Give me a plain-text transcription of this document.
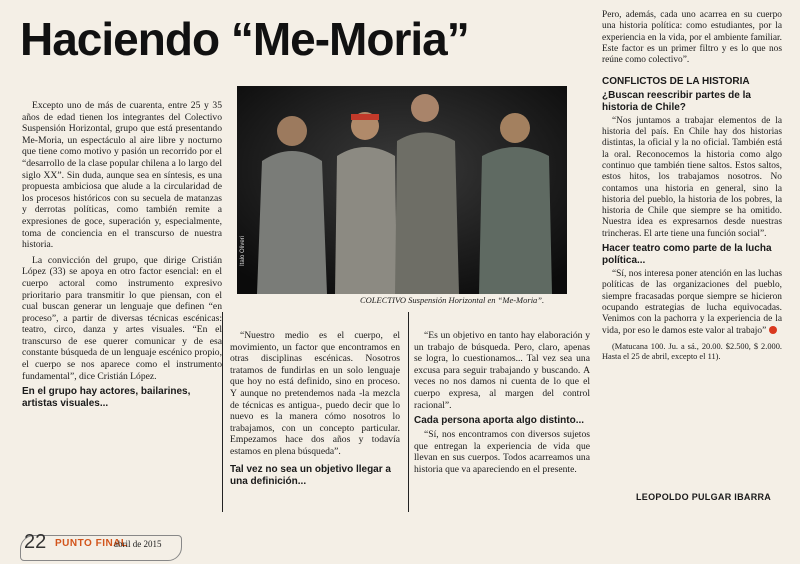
Haciendo “Me-Moria”

Excepto uno de más de cuarenta, entre 25 y 35 años de edad tienen los integrantes del Colectivo Suspensión Horizontal, grupo que está presentando Me-Moria, un espectáculo al aire libre y nocturno que tiene como motivo y pasión un recorrido por el “desarrollo de la clase popular chilena a lo largo del siglo XX”. Sin duda, aunque sea en síntesis, es una propuesta ambiciosa que alude a la circularidad de los procesos históricos con su secuela de matanzas y derrotas políticas, como también remite a expresiones de goce, superación y, especialmente, toma de conciencia en el transcurso de nuestra historia.

La convicción del grupo, que dirige Cristián López (33) se apoya en otro factor esencial: en el cuerpo actoral como instrumento expresivo prioritario para transmitir lo que piensan, con el cual buscan generar un lenguaje que definen “en proceso”, a partir de diversas técnicas escénicas: teatro, circo, danza y artes visuales. “En el transcurso de ese querer comunicar y de esa constante búsqueda de un lenguaje escénico propio, el cuerpo se nos aparece como el instrumento fundamental”, dice Cristián López.

En el grupo hay actores, bailarines, artistas visuales...
Italo Oliveri
COLECTIVO Suspensión Horizontal en “Me-Moria”.

“Nuestro medio es el cuerpo, el movimiento, un factor que encontramos en otras disciplinas escénicas. Nosotros tratamos de fundirlas en un solo lenguaje que hoy no está definido, sino en proceso. Y aunque no pretendemos nada -la mezcla de técnicas es antigua-, puedo decir que lo nuevo es la manera cómo nosotros lo trabajamos, con un concepto particular. Empezamos hace dos años y todavía estamos en plena búsqueda”.

Tal vez no sea un objetivo llegar a una definición...

“Es un objetivo en tanto hay elaboración y un trabajo de búsqueda. Pero, claro, apenas se logra, lo cuestionamos... Tal vez sea una excusa para seguir trabajando y buscando. A veces no nos damos ni cuenta de lo que el cuerpo expresa, al margen del control racional”.

Cada persona aporta algo distinto...

“Sí, nos encontramos con diversos sujetos que entregan la experiencia de vida que llevan en sus cuerpos. Todos acarreamos una historia que va apareciendo en el presente.

Pero, además, cada uno acarrea en su cuerpo una historia política: como estudiantes, por la experiencia en la vida, por el ambiente familiar. Este factor es un primer filtro y es lo que nos reúne como colectivo”.

CONFLICTOS DE LA HISTORIA
¿Buscan reescribir partes de la historia de Chile?

“Nos juntamos a trabajar elementos de la historia del país. En Chile hay dos historias distintas, la oficial y la no oficial. También está la oral. Reconocemos la historia como algo continuo que también tiene saltos. Estos saltos, estos hitos, los trabajamos nosotros. No contamos una historia en general, sino la historia del pueblo, la historia de los pobres, la historia de Chile que siempre se ha omitido. Nuestra idea es expresarnos desde nuestras trincheras. El arte tiene una función social”.

Hacer teatro como parte de la lucha política...

“Sí, nos interesa poner atención en las luchas políticas de las organizaciones del pueblo, siempre fracasadas porque siempre se hicieron ocupando estrategias de lucha equivocadas. Venimos con la pachorra y la experiencia de la vida, por eso le damos este valor al trabajo”

(Matucana 100. Ju. a sá., 20.00. $2.500, $ 2.000. Hasta el 25 de abril, excepto el 11).

LEOPOLDO PULGAR IBARRA
22 PUNTO FINAL
abril de 2015
